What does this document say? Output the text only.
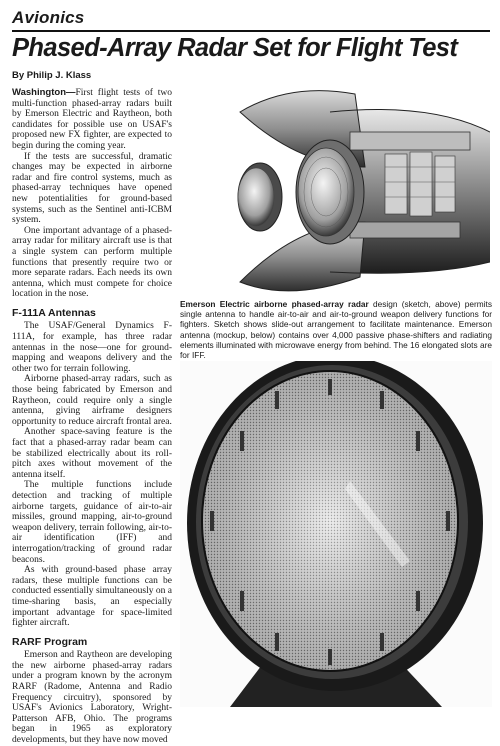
Avionics
Phased-Array Radar Set for Flight Test
By Philip J. Klass

Washington—First flight tests of two multi-function phased-array radars built by Emerson Electric and Raytheon, both candidates for possible use on USAF's proposed new FX fighter, are expected to begin during the coming year.

If the tests are successful, dramatic changes may be expected in airborne radar and fire control systems, much as phased-array techniques have opened new potentialities for ground-based systems, such as the Sentinel anti-ICBM system.

One important advantage of a phased-array radar for military aircraft use is that a single system can perform multiple functions that presently require two or more separate radars. Each needs its own antenna, which must compete for choice location in the nose.

F-111A Antennas

The USAF/General Dynamics F-111A, for example, has three radar antennas in the nose—one for ground-mapping and weapons delivery and the other two for terrain following.

Airborne phased-array radars, such as those being fabricated by Emerson and Raytheon, could require only a single antenna, giving airframe designers opportunity to reduce aircraft frontal area.

Another space-saving feature is the fact that a phased-array radar beam can be stabilized electrically about its roll-pitch axes without movement of the antenna itself.

The multiple functions include detection and tracking of multiple airborne targets, guidance of air-to-air missiles, ground mapping, air-to-ground weapon delivery, terrain following, air-to-air identification (IFF) and interrogation/tracking of ground radar beacons.

As with ground-based phase array radars, these multiple functions can be conducted essentially simultaneously on a time-sharing basis, an especially important advantage for space-limited fighter aircraft.

RARF Program

Emerson and Raytheon are developing the new airborne phased-array radars under a program known by the acronym RARF (Radome, Antenna and Radio Frequency circuitry), sponsored by USAF's Avionics Laboratory, Wright-Patterson AFB, Ohio. The programs began in 1965 as exploratory developments, but they have now moved

Emerson Electric airborne phased-array radar design (sketch, above) permits single antenna to handle air-to-air and air-to-ground weapon delivery functions for fighters. Sketch shows slide-out arrangement to facilitate maintenance. Emerson antenna (mockup, below) contains over 4,000 passive phase-shifters and radiating elements illuminated with microwave energy from behind. The 16 elongated slots are for IFF.
